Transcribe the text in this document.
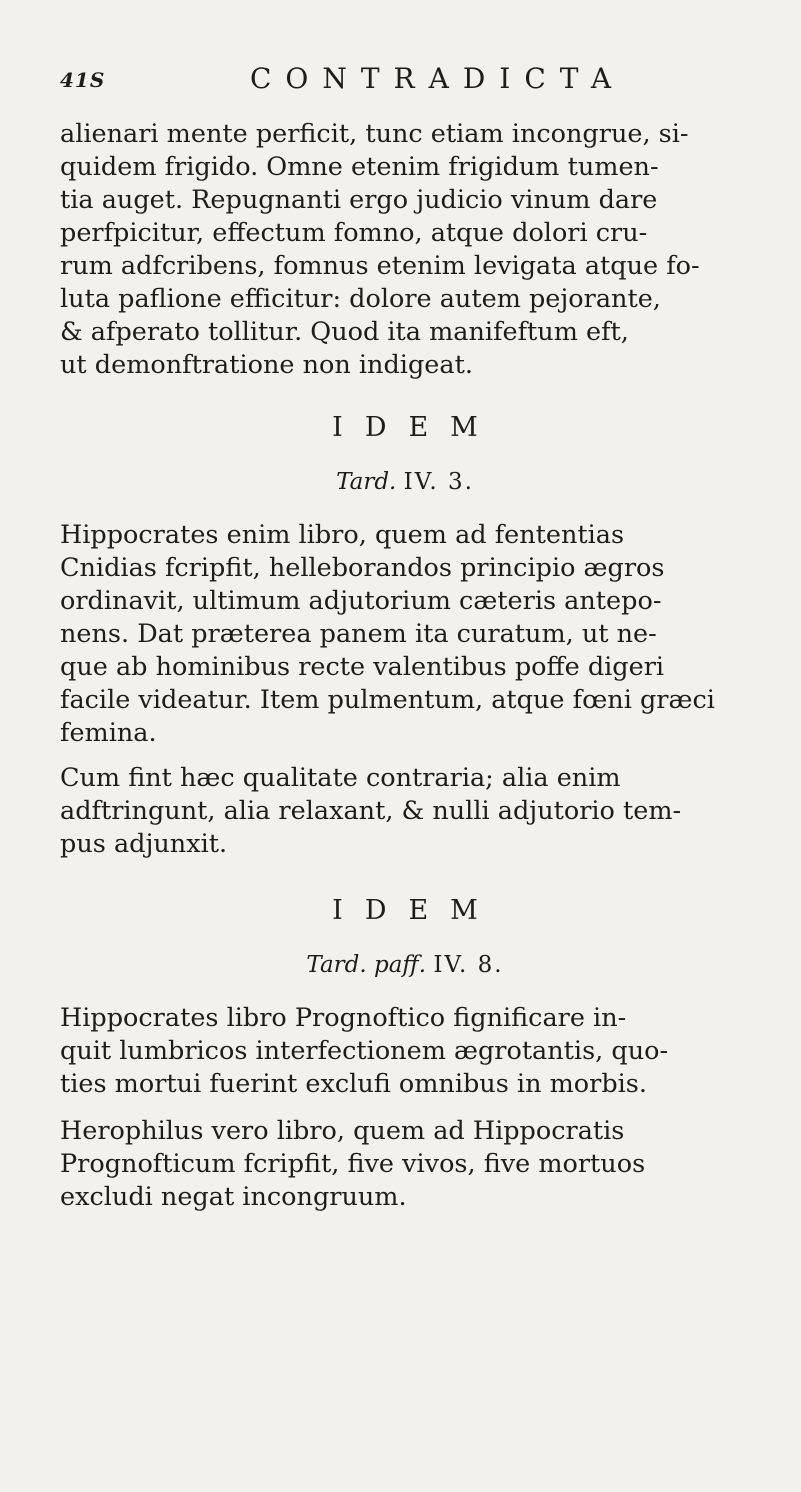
41S	CONTRADICTA

alienari mente perficit, tunc etiam incongrue, si-
quidem frigido. Omne etenim frigidum tumen-
tia auget. Repugnanti ergo judicio vinum dare
perfpicitur, effectum fomno, atque dolori cru-
rum adfcribens, fomnus etenim levigata atque fo-
luta paflione efficitur: dolore autem pejorante,
& afperato tollitur. Quod ita manifeftum eft,
ut demonftratione non indigeat.

IDEM

Tard. IV. 3.

Hippocrates enim libro, quem ad fententias
Cnidias fcripfit, helleborandos principio ægros
ordinavit, ultimum adjutorium cæteris antepo-
nens. Dat præterea panem ita curatum, ut ne-
que ab hominibus recte valentibus poffe digeri
facile videatur. Item pulmentum, atque fœni græci
femina.

Cum fint hæc qualitate contraria; alia enim
adftringunt, alia relaxant, & nulli adjutorio tem-
pus adjunxit.

IDEM

Tard. paff. IV. 8.

Hippocrates libro Prognoftico fignificare in-
quit lumbricos interfectionem ægrotantis, quo-
ties mortui fuerint exclufi omnibus in morbis.

Herophilus vero libro, quem ad Hippocratis
Prognofticum fcripfit, five vivos, five mortuos
excludi negat incongruum.
